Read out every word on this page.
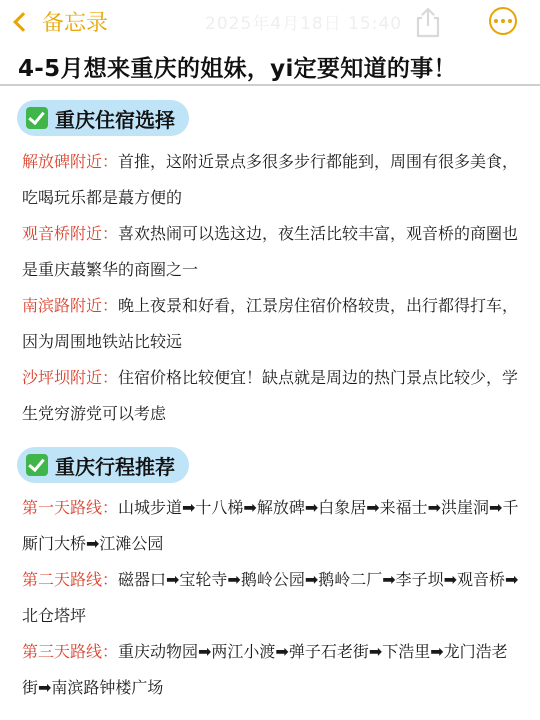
备忘录	2025年4月18日 15:40
4-5月想来重庆的姐妹，yi定要知道的事！
重庆住宿选择
解放碑附近：首推，这附近景点多很多步行都能到，周围有很多美食，吃喝玩乐都是蕞方便的
观音桥附近：喜欢热闹可以选这边，夜生活比较丰富，观音桥的商圈也是重庆蕞繁华的商圈之一
南滨路附近：晚上夜景和好看，江景房住宿价格较贵，出行都得打车，因为周围地铁站比较远
沙坪坝附近：住宿价格比较便宜！缺点就是周边的热门景点比较少，学生党穷游党可以考虑
重庆行程推荐
第一天路线：山城步道➡十八梯➡解放碑➡白象居➡来福士➡洪崖洞➡千厮门大桥➡江滩公园
第二天路线：磁器口➡宝轮寺➡鹅岭公园➡鹅岭二厂➡李子坝➡观音桥➡北仓塔坪
第三天路线：重庆动物园➡两江小渡➡弹子石老街➡下浩里➡龙门浩老街➡南滨路钟楼广场
